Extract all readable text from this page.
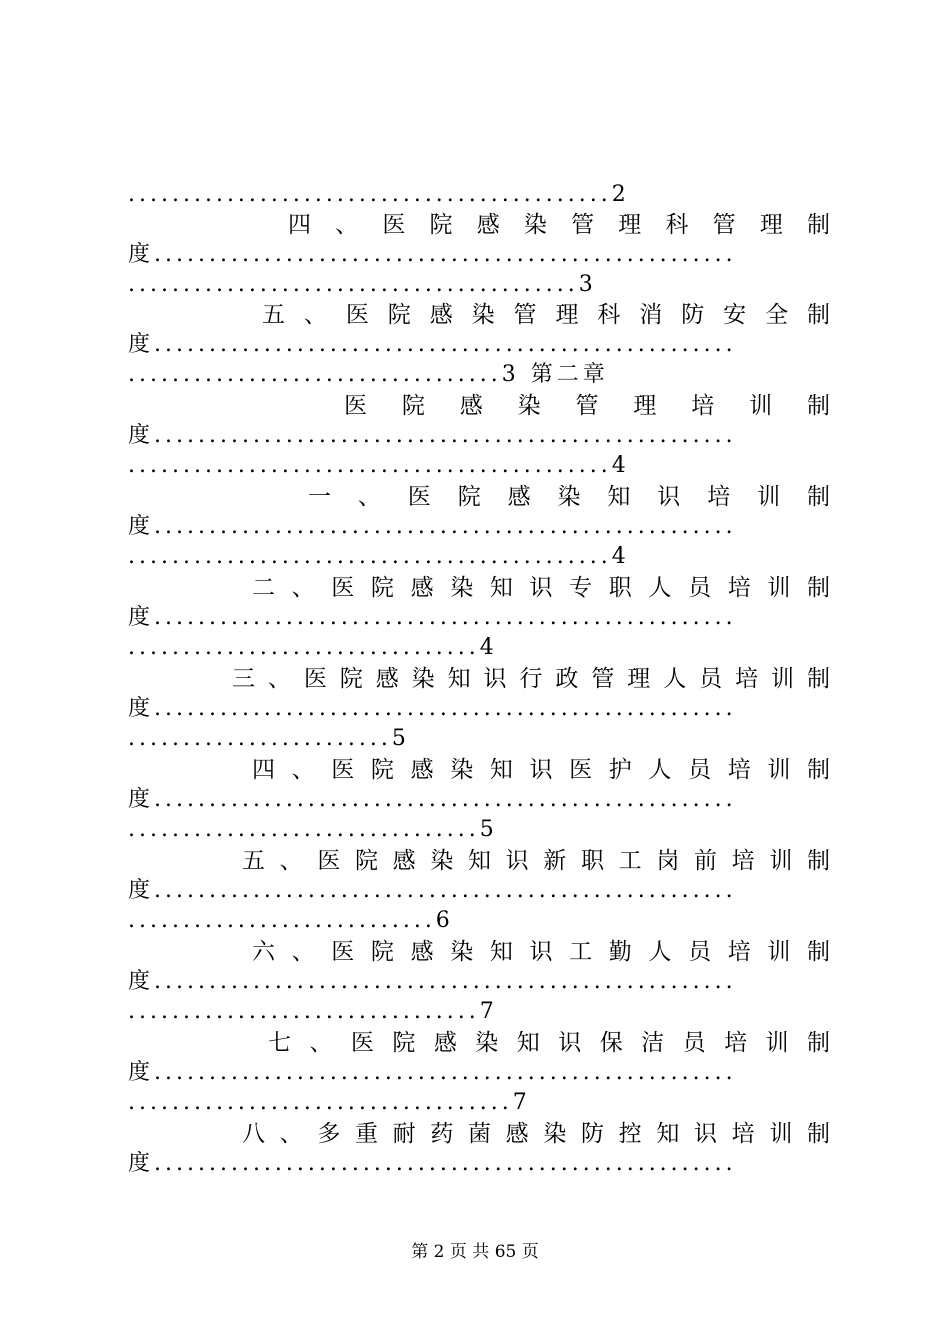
............................................2
四 、 医 院 感 染 管 理 科 管 理 制
度.....................................................
.........................................3
五 、 医 院 感 染 管 理 科 消 防 安 全 制
度.....................................................
..................................3 第二章
医 院 感 染 管 理 培 训 制
度.....................................................
............................................4
一 、 医 院 感 染 知 识 培 训 制
度.....................................................
............................................4
二 、 医 院 感 染 知 识 专 职 人 员 培 训 制
度.....................................................
................................4
三 、 医 院 感 染 知 识 行 政 管 理 人 员 培 训 制
度.....................................................
........................5
四 、 医 院 感 染 知 识 医 护 人 员 培 训 制
度.....................................................
................................5
五 、 医 院 感 染 知 识 新 职 工 岗 前 培 训 制
度.....................................................
............................6
六 、 医 院 感 染 知 识 工 勤 人 员 培 训 制
度.....................................................
................................7
七 、 医 院 感 染 知 识 保 洁 员 培 训 制
度.....................................................
...................................7
八 、 多 重 耐 药 菌 感 染 防 控 知 识 培 训 制
度.....................................................
第 2 页 共 65 页
